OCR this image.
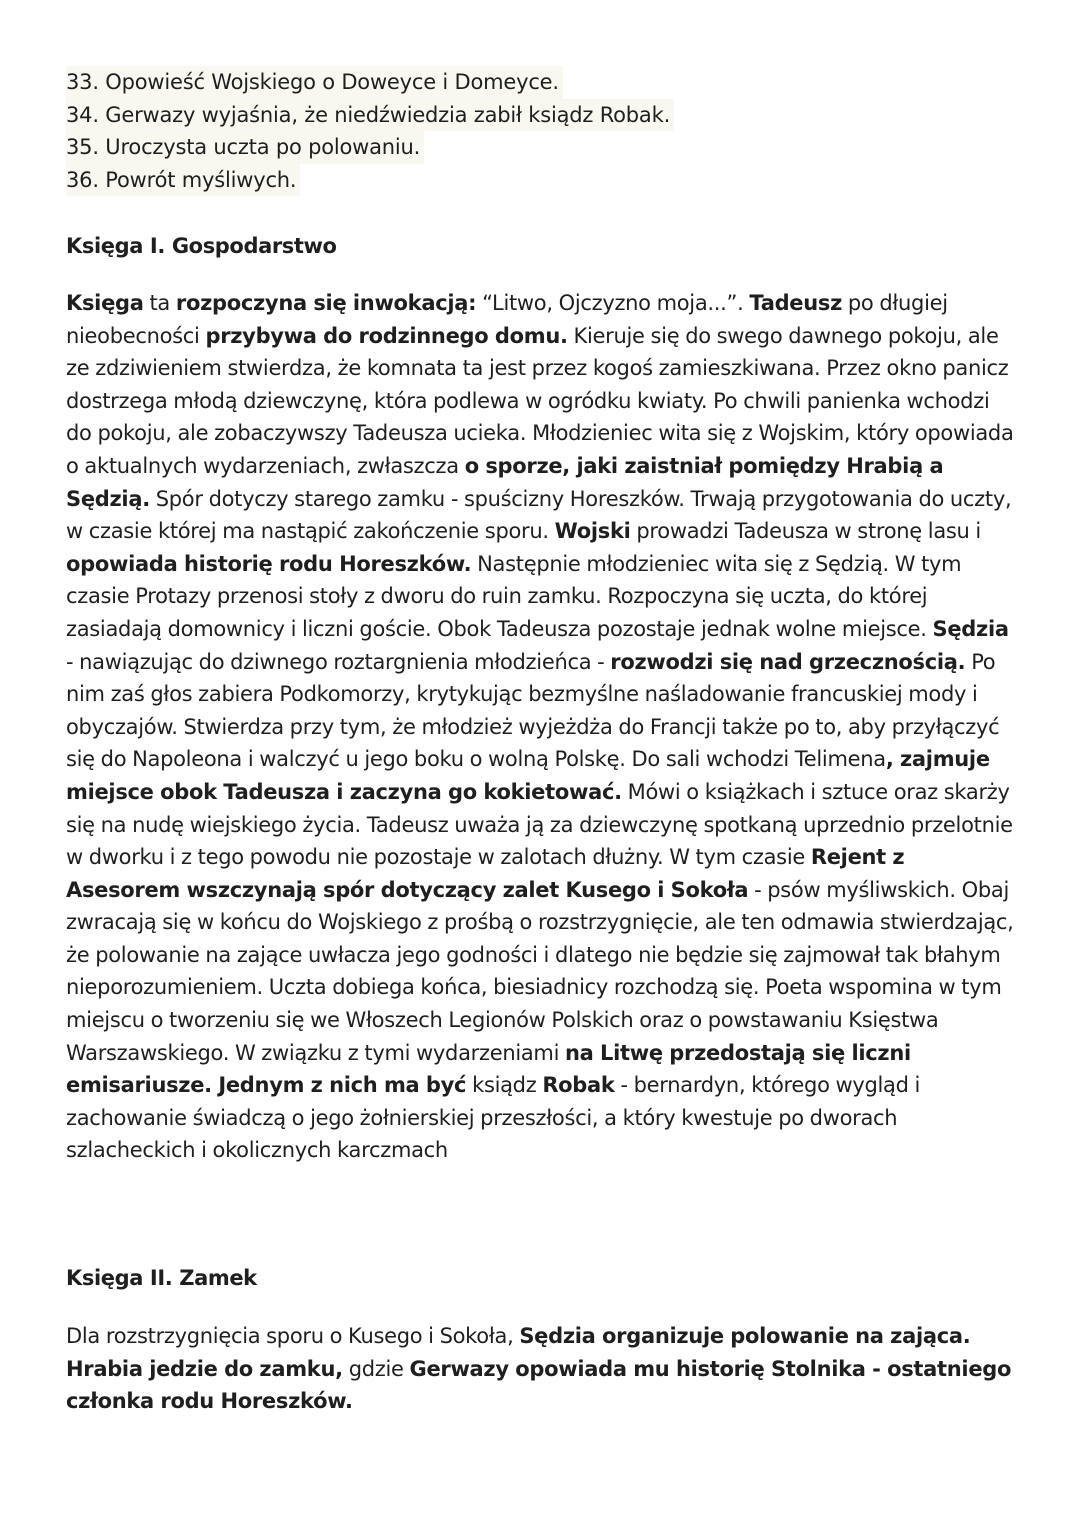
33. Opowieść Wojskiego o Doweyce i Domeyce.
34. Gerwazy wyjaśnia, że niedźwiedzia zabił ksiądz Robak.
35. Uroczysta uczta po polowaniu.
36. Powrót myśliwych.
Księga I. Gospodarstwo

Księga ta rozpoczyna się inwokacją: “Litwo, Ojczyzno moja...”. Tadeusz po długiej nieobecności przybywa do rodzinnego domu. Kieruje się do swego dawnego pokoju, ale ze zdziwieniem stwierdza, że komnata ta jest przez kogoś zamieszkiwana. Przez okno panicz dostrzega młodą dziewczynę, która podlewa w ogródku kwiaty. Po chwili panienka wchodzi do pokoju, ale zobaczywszy Tadeusza ucieka. Młodzieniec wita się z Wojskim, który opowiada o aktualnych wydarzeniach, zwłaszcza o sporze, jaki zaistniał pomiędzy Hrabią a Sędzią. Spór dotyczy starego zamku - spuścizny Horeszków. Trwają przygotowania do uczty, w czasie której ma nastąpić zakończenie sporu. Wojski prowadzi Tadeusza w stronę lasu i opowiada historię rodu Horeszków. Następnie młodzieniec wita się z Sędzią. W tym czasie Protazy przenosi stoły z dworu do ruin zamku. Rozpoczyna się uczta, do której zasiadają domownicy i liczni goście. Obok Tadeusza pozostaje jednak wolne miejsce. Sędzia - nawiązując do dziwnego roztargnienia młodzieńca - rozwodzi się nad grzecznością. Po nim zaś głos zabiera Podkomorzy, krytykując bezmyślne naśladowanie francuskiej mody i obyczajów. Stwierdza przy tym, że młodzież wyjeżdża do Francji także po to, aby przyłączyć się do Napoleona i walczyć u jego boku o wolną Polskę. Do sali wchodzi Telimena, zajmuje miejsce obok Tadeusza i zaczyna go kokietować. Mówi o książkach i sztuce oraz skarży się na nudę wiejskiego życia. Tadeusz uważa ją za dziewczynę spotkaną uprzednio przelotnie w dworku i z tego powodu nie pozostaje w zalotach dłużny. W tym czasie Rejent z Asesorem wszczynają spór dotyczący zalet Kusego i Sokoła - psów myśliwskich. Obaj zwracają się w końcu do Wojskiego z prośbą o rozstrzygnięcie, ale ten odmawia stwierdzając, że polowanie na zające uwłacza jego godności i dlatego nie będzie się zajmował tak błahym nieporozumieniem. Uczta dobiega końca, biesiadnicy rozchodzą się. Poeta wspomina w tym miejscu o tworzeniu się we Włoszech Legionów Polskich oraz o powstawaniu Księstwa Warszawskiego. W związku z tymi wydarzeniami na Litwę przedostają się liczni emisariusze. Jednym z nich ma być ksiądz Robak - bernardyn, którego wygląd i zachowanie świadczą o jego żołnierskiej przeszłości, a który kwestuje po dworach szlacheckich i okolicznych karczmach

Księga II. Zamek

Dla rozstrzygnięcia sporu o Kusego i Sokoła, Sędzia organizuje polowanie na zająca. Hrabia jedzie do zamku, gdzie Gerwazy opowiada mu historię Stolnika - ostatniego członka rodu Horeszków.
